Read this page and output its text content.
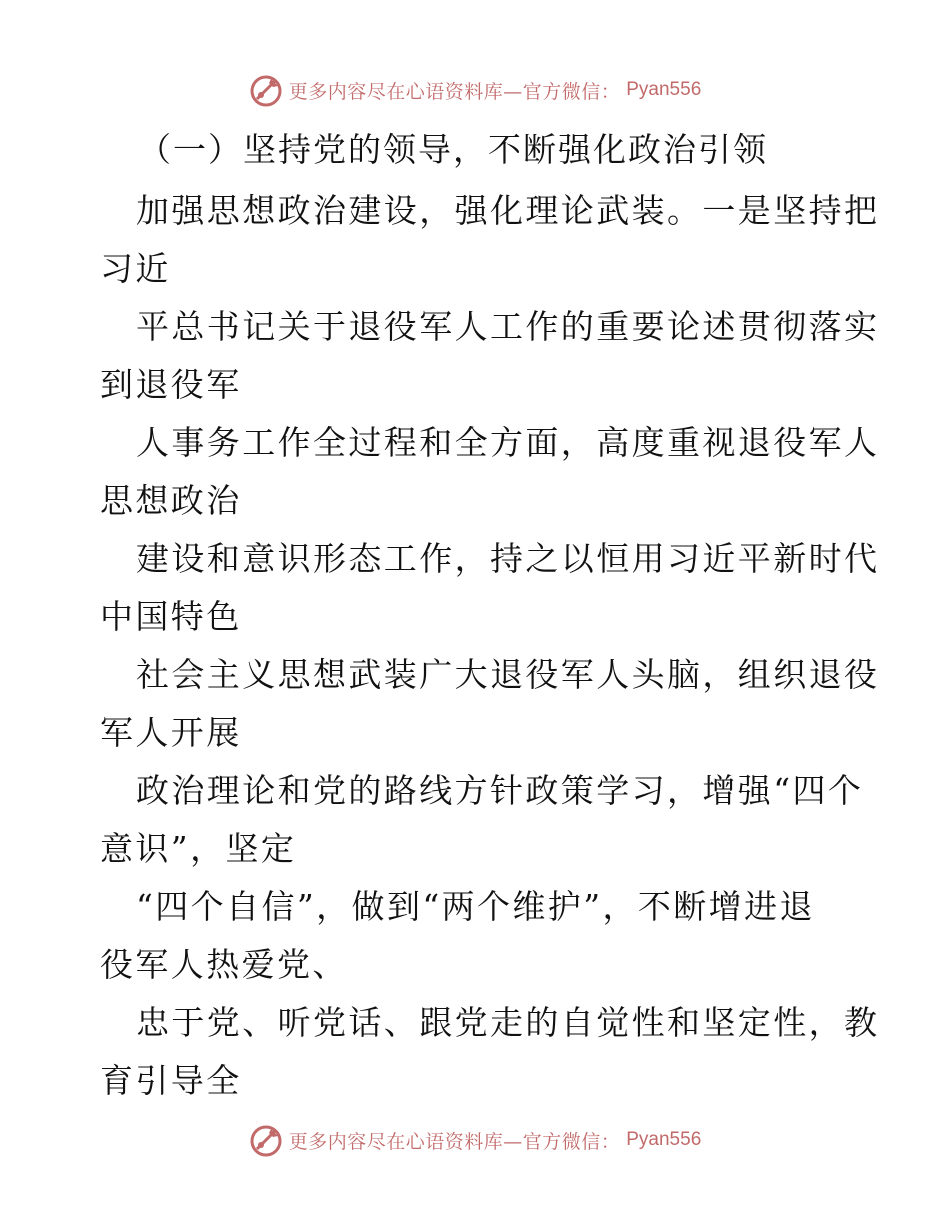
更多内容尽在心语资料库—官方微信： Pyan556
（一）坚持党的领导，不断强化政治引领
加强思想政治建设，强化理论武装。一是坚持把
习近
平总书记关于退役军人工作的重要论述贯彻落实
到退役军
人事务工作全过程和全方面，高度重视退役军人
思想政治
建设和意识形态工作，持之以恒用习近平新时代
中国特色
社会主义思想武装广大退役军人头脑，组织退役
军人开展
政治理论和党的路线方针政策学习，增强“四个
意识”，坚定
“四个自信”，做到“两个维护”，不断增进退
役军人热爱党、
忠于党、听党话、跟党走的自觉性和坚定性，教
育引导全
更多内容尽在心语资料库—官方微信： Pyan556
